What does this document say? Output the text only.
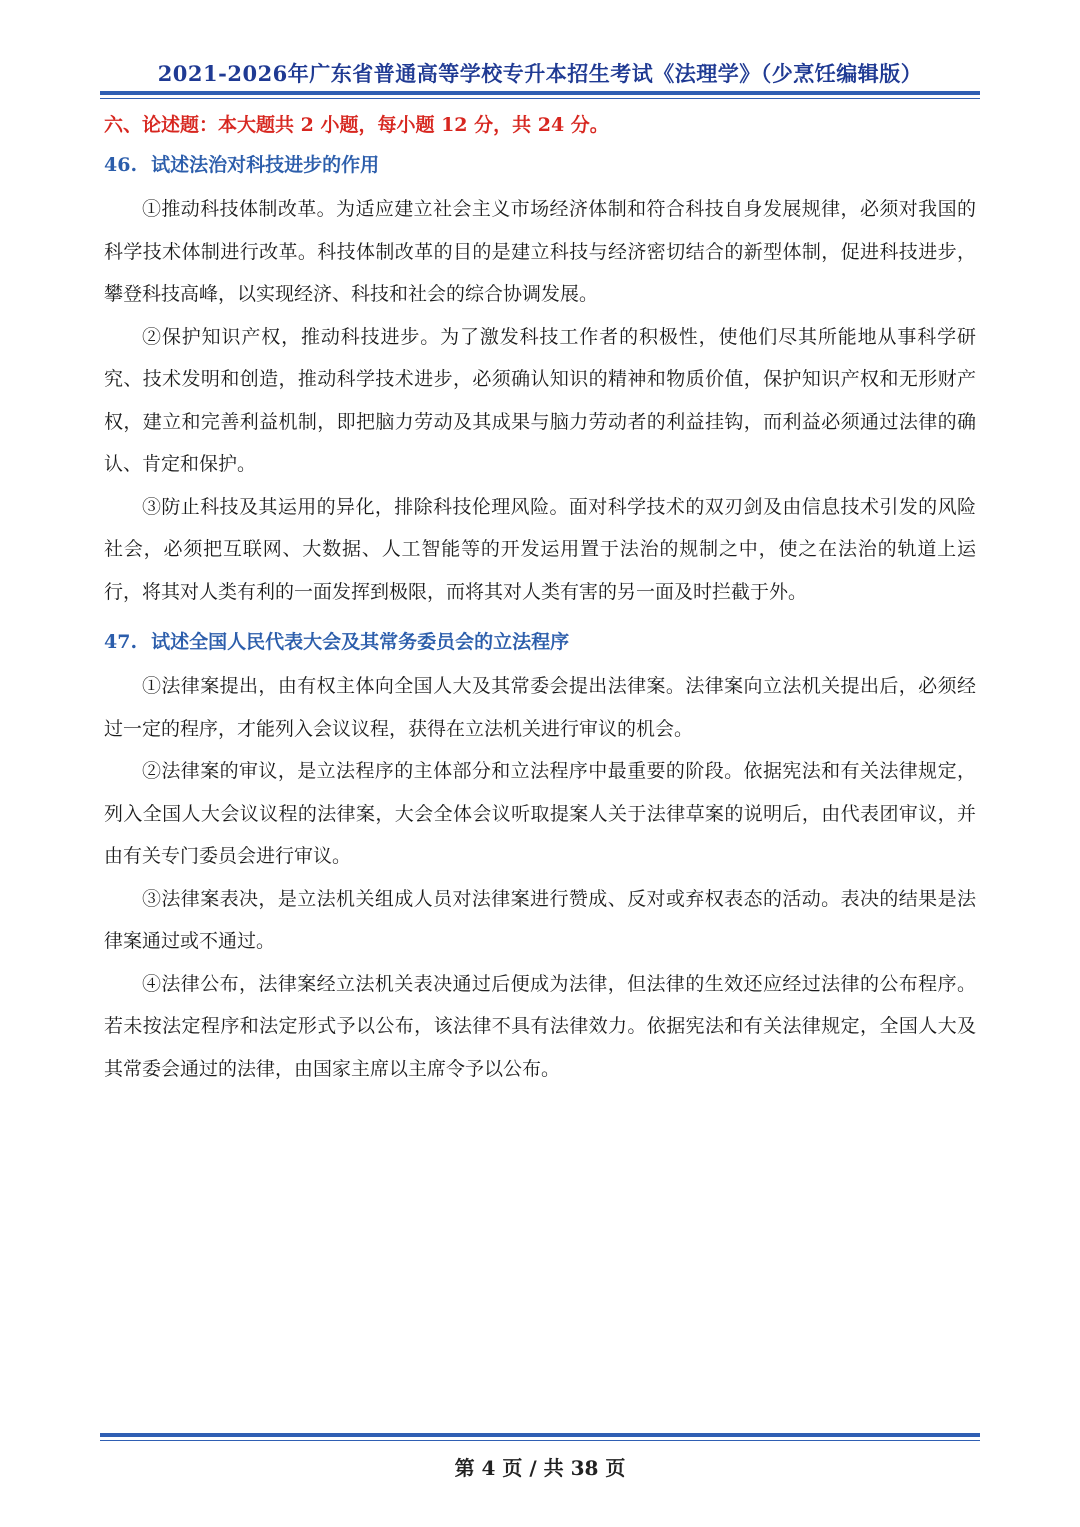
2021-2026年广东省普通高等学校专升本招生考试《法理学》（少烹饪编辑版）

六、论述题：本大题共 2 小题，每小题 12 分，共 24 分。

46. 试述法治对科技进步的作用

①推动科技体制改革。为适应建立社会主义市场经济体制和符合科技自身发展规律，必须对我国的科学技术体制进行改革。科技体制改革的目的是建立科技与经济密切结合的新型体制，促进科技进步，攀登科技高峰，以实现经济、科技和社会的综合协调发展。

②保护知识产权，推动科技进步。为了激发科技工作者的积极性，使他们尽其所能地从事科学研究、技术发明和创造，推动科学技术进步，必须确认知识的精神和物质价值，保护知识产权和无形财产权，建立和完善利益机制，即把脑力劳动及其成果与脑力劳动者的利益挂钩，而利益必须通过法律的确认、肯定和保护。

③防止科技及其运用的异化，排除科技伦理风险。面对科学技术的双刃剑及由信息技术引发的风险社会，必须把互联网、大数据、人工智能等的开发运用置于法治的规制之中，使之在法治的轨道上运行，将其对人类有利的一面发挥到极限，而将其对人类有害的另一面及时拦截于外。

47. 试述全国人民代表大会及其常务委员会的立法程序

①法律案提出，由有权主体向全国人大及其常委会提出法律案。法律案向立法机关提出后，必须经过一定的程序，才能列入会议议程，获得在立法机关进行审议的机会。

②法律案的审议，是立法程序的主体部分和立法程序中最重要的阶段。依据宪法和有关法律规定，列入全国人大会议议程的法律案，大会全体会议听取提案人关于法律草案的说明后，由代表团审议，并由有关专门委员会进行审议。

③法律案表决，是立法机关组成人员对法律案进行赞成、反对或弃权表态的活动。表决的结果是法律案通过或不通过。

④法律公布，法律案经立法机关表决通过后便成为法律，但法律的生效还应经过法律的公布程序。若未按法定程序和法定形式予以公布，该法律不具有法律效力。依据宪法和有关法律规定，全国人大及其常委会通过的法律，由国家主席以主席令予以公布。

第 4 页 / 共 38 页
